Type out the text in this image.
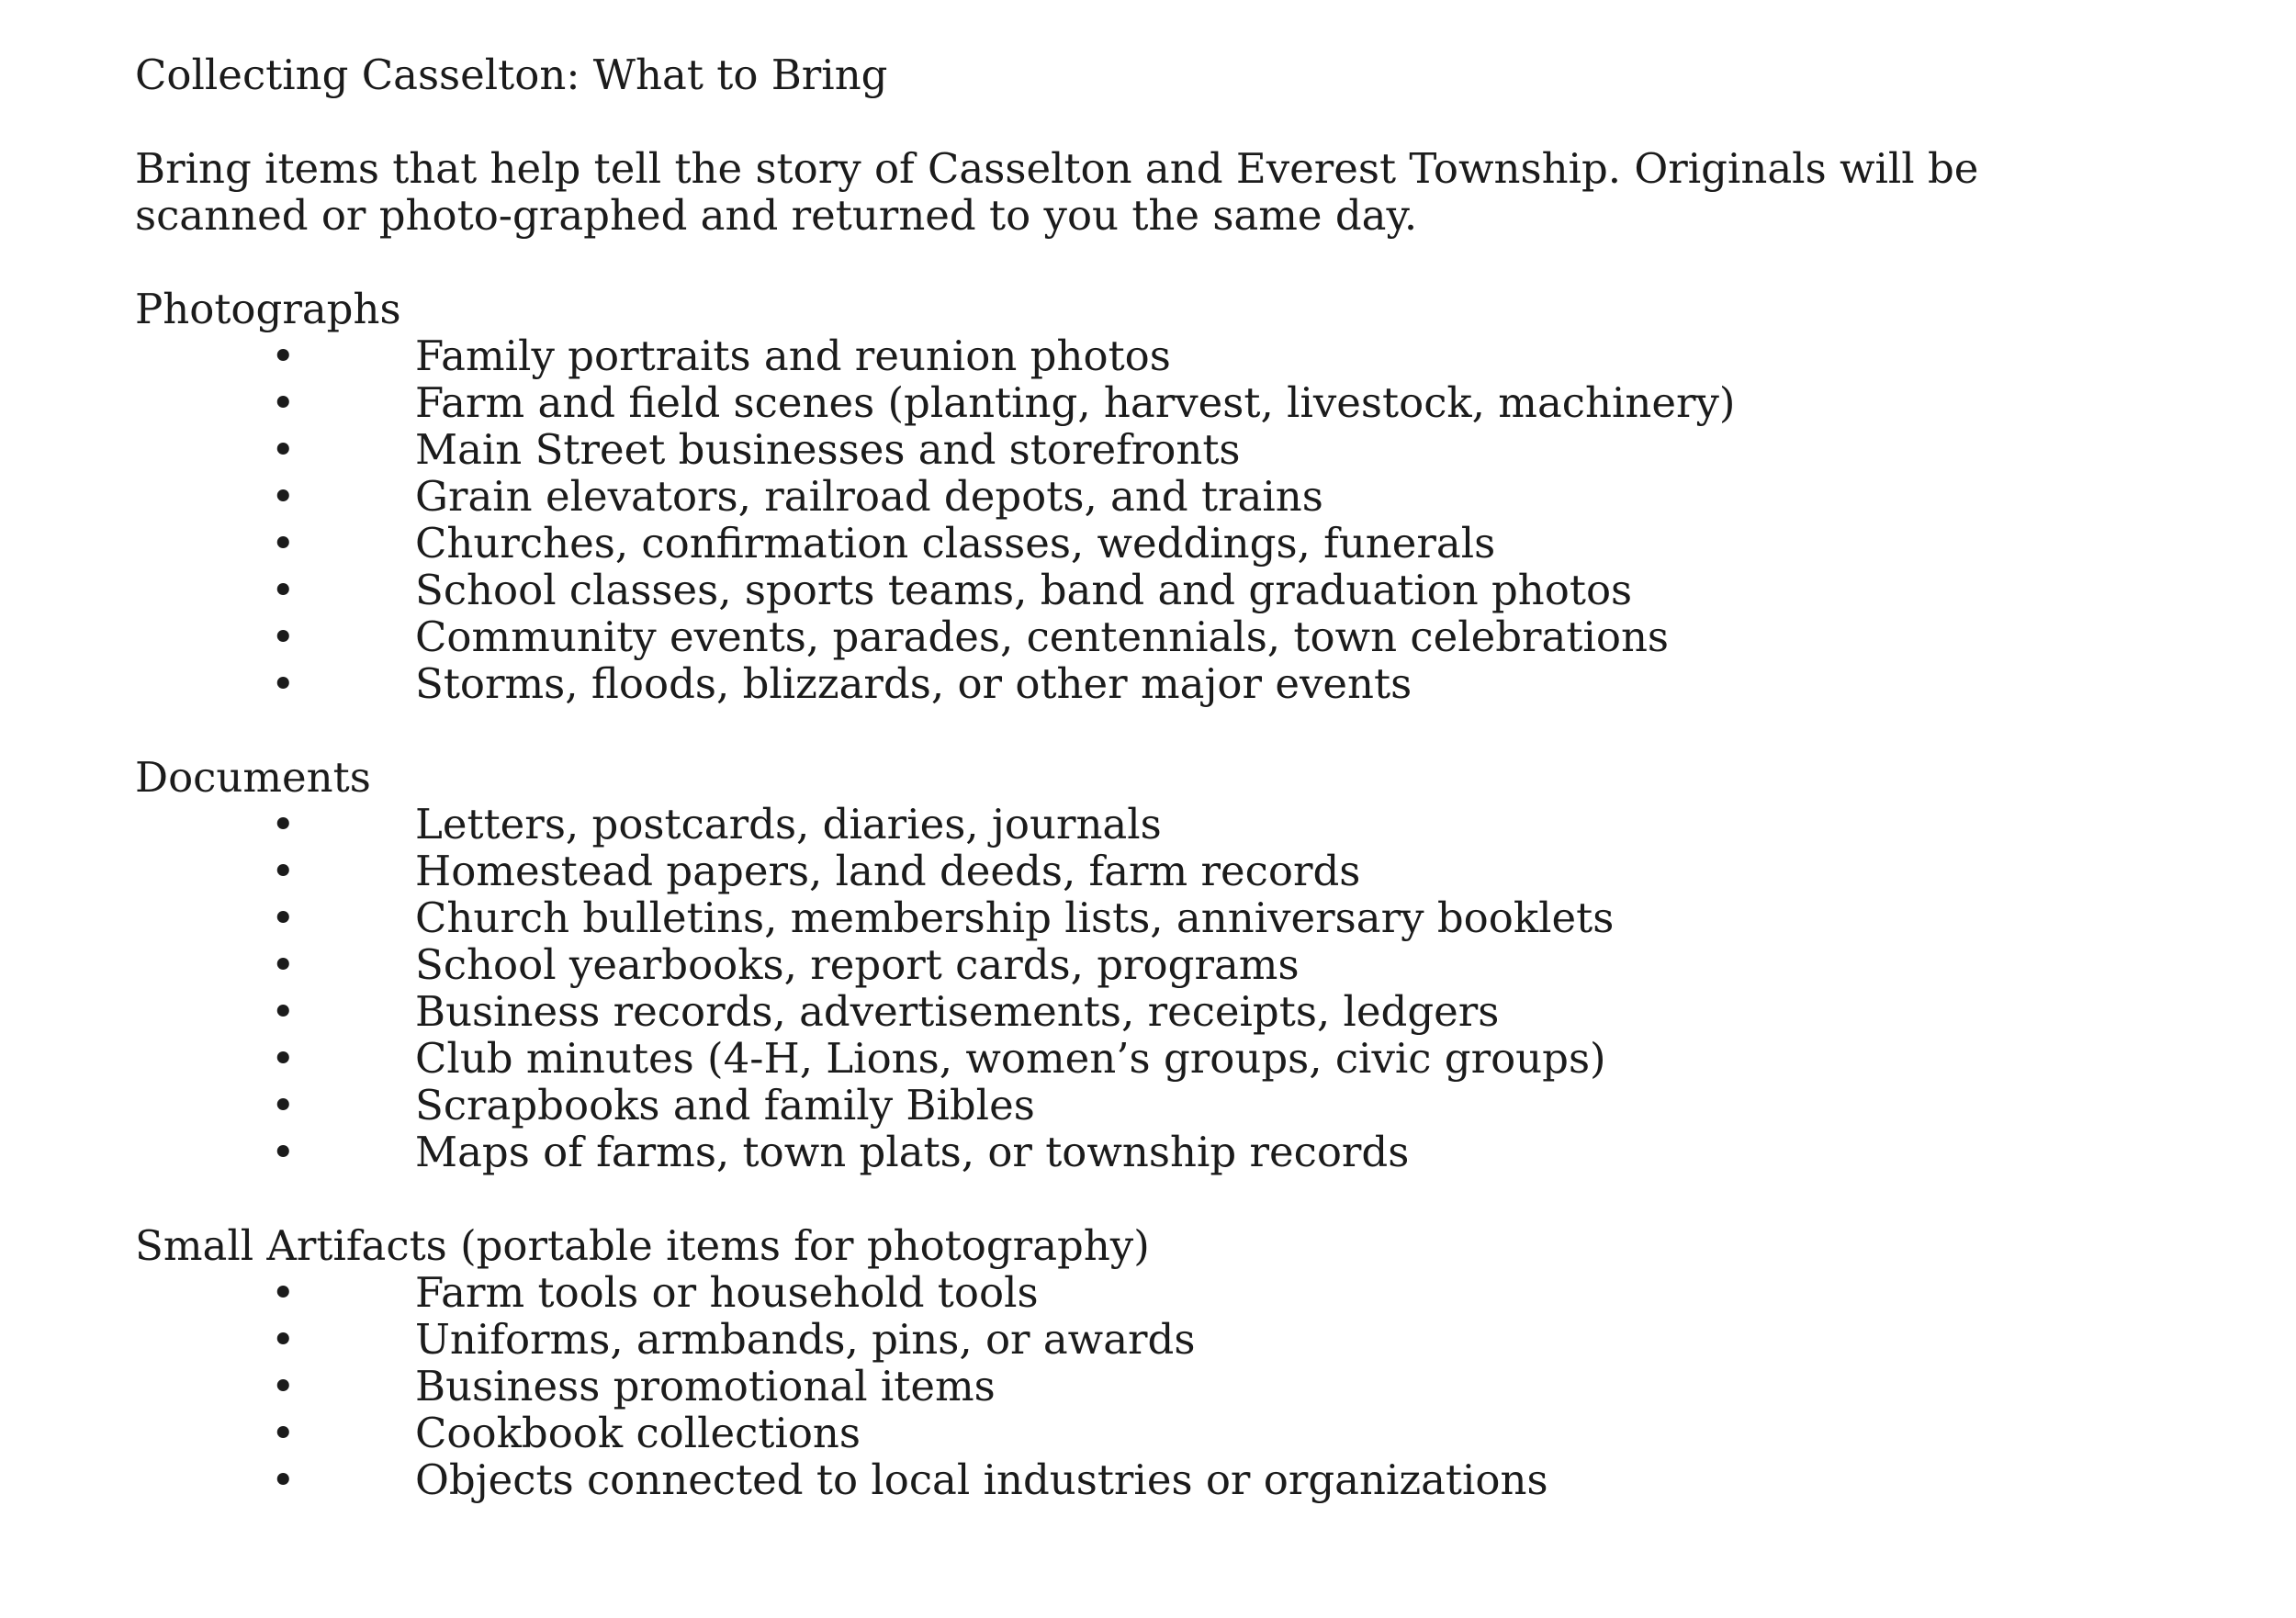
Collecting Casselton: What to Bring

Bring items that help tell the story of Casselton and Everest Township. Originals will be scanned or photo-graphed and returned to you the same day.

Photographs
•	Family portraits and reunion photos
•	Farm and field scenes (planting, harvest, livestock, machinery)
•	Main Street businesses and storefronts
•	Grain elevators, railroad depots, and trains
•	Churches, confirmation classes, weddings, funerals
•	School classes, sports teams, band and graduation photos
•	Community events, parades, centennials, town celebrations
•	Storms, floods, blizzards, or other major events
Documents
•	Letters, postcards, diaries, journals
•	Homestead papers, land deeds, farm records
•	Church bulletins, membership lists, anniversary booklets
•	School yearbooks, report cards, programs
•	Business records, advertisements, receipts, ledgers
•	Club minutes (4-H, Lions, women’s groups, civic groups)
•	Scrapbooks and family Bibles
•	Maps of farms, town plats, or township records
Small Artifacts (portable items for photography)
•	Farm tools or household tools
•	Uniforms, armbands, pins, or awards
•	Business promotional items
•	Cookbook collections
•	Objects connected to local industries or organizations
